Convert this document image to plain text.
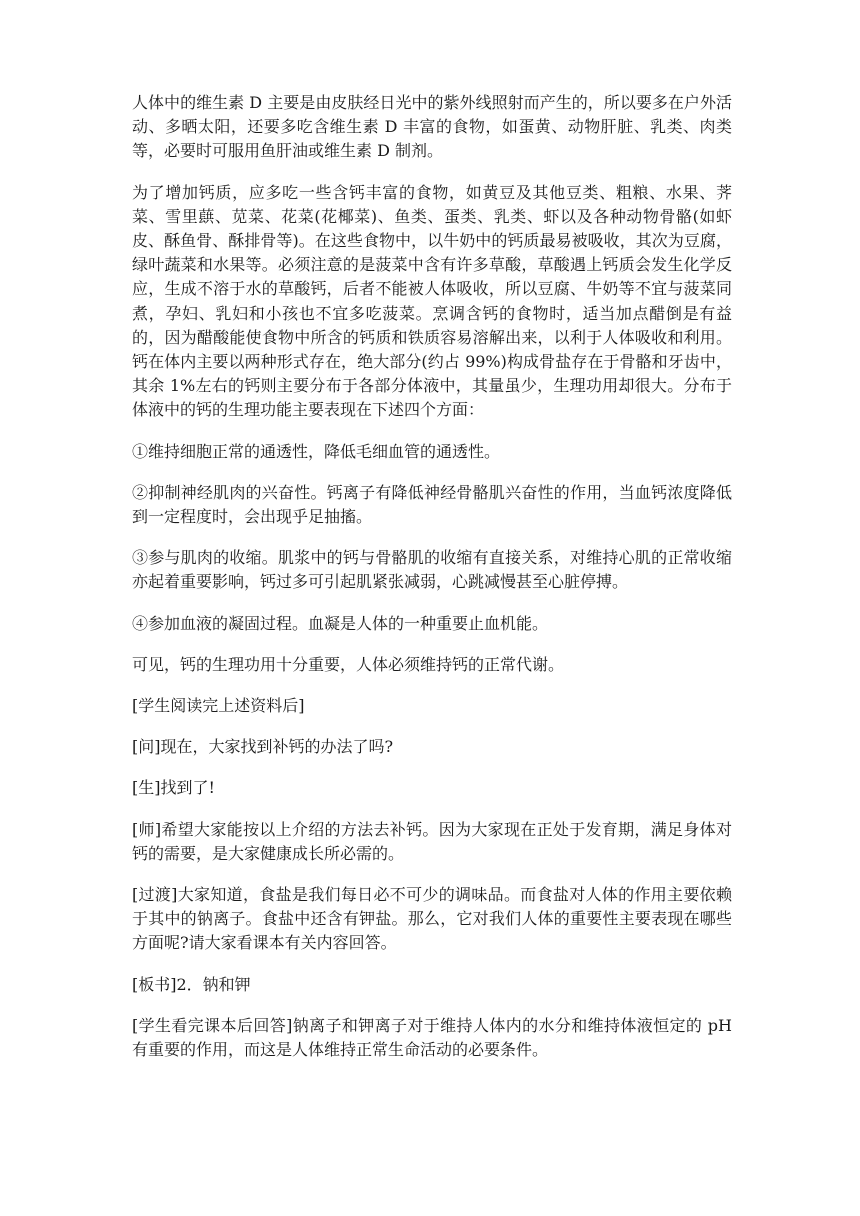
人体中的维生素 D 主要是由皮肤经日光中的紫外线照射而产生的，所以要多在户外活动、多晒太阳，还要多吃含维生素 D 丰富的食物，如蛋黄、动物肝脏、乳类、肉类等，必要时可服用鱼肝油或维生素 D 制剂。

为了增加钙质，应多吃一些含钙丰富的食物，如黄豆及其他豆类、粗粮、水果、荠菜、雪里蕻、苋菜、花菜(花椰菜)、鱼类、蛋类、乳类、虾以及各种动物骨骼(如虾皮、酥鱼骨、酥排骨等)。在这些食物中，以牛奶中的钙质最易被吸收，其次为豆腐，绿叶蔬菜和水果等。必须注意的是菠菜中含有许多草酸，草酸遇上钙质会发生化学反应，生成不溶于水的草酸钙，后者不能被人体吸收，所以豆腐、牛奶等不宜与菠菜同煮，孕妇、乳妇和小孩也不宜多吃菠菜。烹调含钙的食物时，适当加点醋倒是有益的，因为醋酸能使食物中所含的钙质和铁质容易溶解出来，以利于人体吸收和利用。钙在体内主要以两种形式存在，绝大部分(约占 99%)构成骨盐存在于骨骼和牙齿中，其余 1%左右的钙则主要分布于各部分体液中，其量虽少，生理功用却很大。分布于体液中的钙的生理功能主要表现在下述四个方面：

①维持细胞正常的通透性，降低毛细血管的通透性。

②抑制神经肌肉的兴奋性。钙离子有降低神经骨骼肌兴奋性的作用，当血钙浓度降低到一定程度时，会出现乎足抽搐。

③参与肌肉的收缩。肌浆中的钙与骨骼肌的收缩有直接关系，对维持心肌的正常收缩亦起着重要影响，钙过多可引起肌紧张减弱，心跳减慢甚至心脏停搏。

④参加血液的凝固过程。血凝是人体的一种重要止血机能。

可见，钙的生理功用十分重要，人体必须维持钙的正常代谢。

[学生阅读完上述资料后]

[问]现在，大家找到补钙的办法了吗?

[生]找到了!

[师]希望大家能按以上介绍的方法去补钙。因为大家现在正处于发育期，满足身体对钙的需要，是大家健康成长所必需的。

[过渡]大家知道，食盐是我们每日必不可少的调味品。而食盐对人体的作用主要依赖于其中的钠离子。食盐中还含有钾盐。那么，它对我们人体的重要性主要表现在哪些方面呢?请大家看课本有关内容回答。

[板书]2．钠和钾

[学生看完课本后回答]钠离子和钾离子对于维持人体内的水分和维持体液恒定的 pH 有重要的作用，而这是人体维持正常生命活动的必要条件。
